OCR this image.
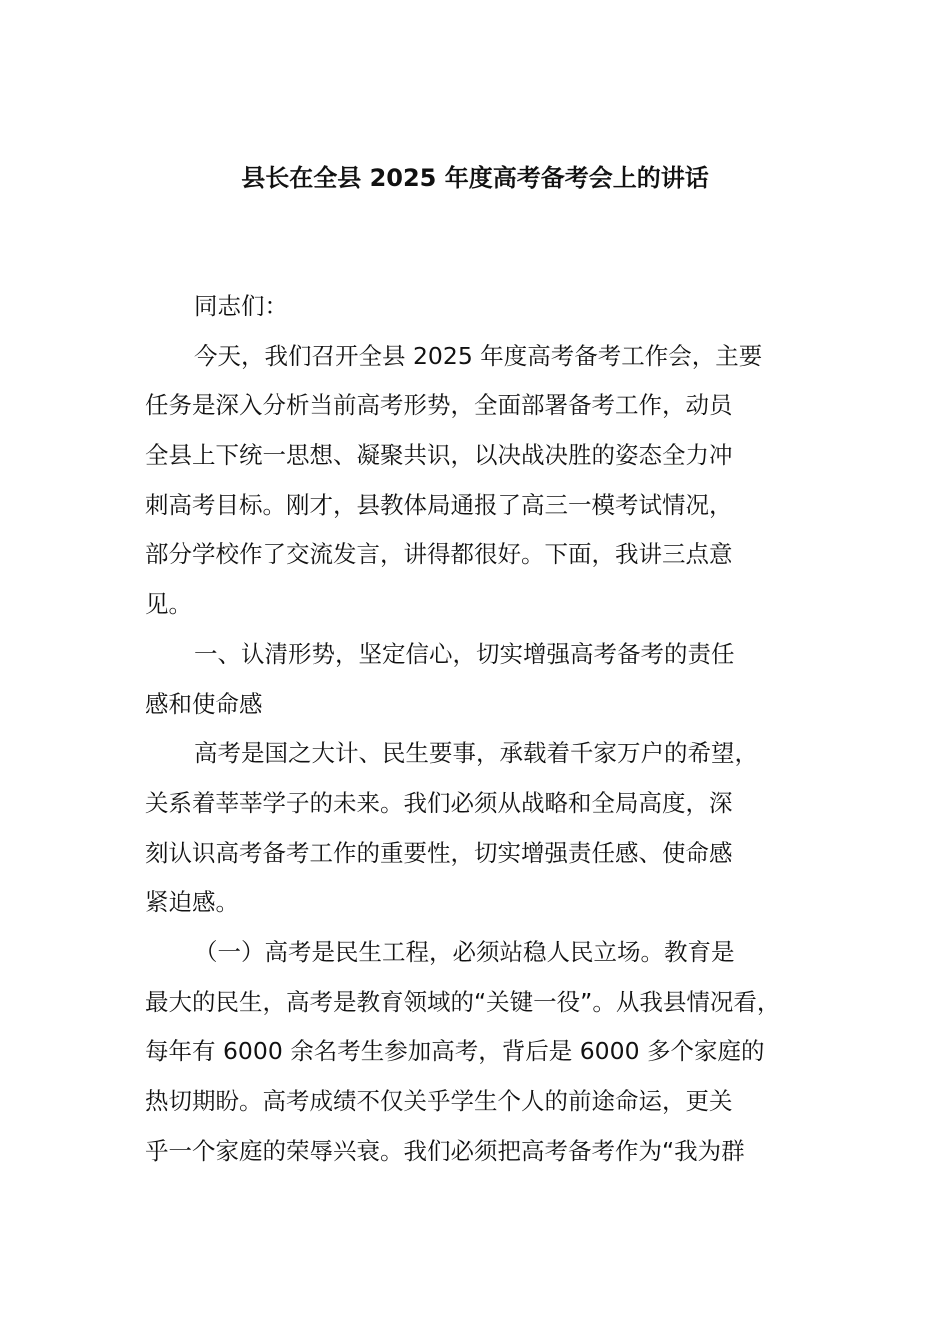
县长在全县 2025 年度高考备考会上的讲话
同志们：
今天，我们召开全县 2025 年度高考备考工作会，主要
任务是深入分析当前高考形势，全面部署备考工作，动员
全县上下统一思想、凝聚共识，以决战决胜的姿态全力冲
刺高考目标。刚才，县教体局通报了高三一模考试情况，
部分学校作了交流发言，讲得都很好。下面，我讲三点意
见。
一、认清形势，坚定信心，切实增强高考备考的责任
感和使命感
高考是国之大计、民生要事，承载着千家万户的希望，
关系着莘莘学子的未来。我们必须从战略和全局高度，深
刻认识高考备考工作的重要性，切实增强责任感、使命感
紧迫感。
（一）高考是民生工程，必须站稳人民立场。教育是
最大的民生，高考是教育领域的“关键一役”。从我县情况看，
每年有 6000 余名考生参加高考，背后是 6000 多个家庭的
热切期盼。高考成绩不仅关乎学生个人的前途命运，更关
乎一个家庭的荣辱兴衰。我们必须把高考备考作为“我为群
